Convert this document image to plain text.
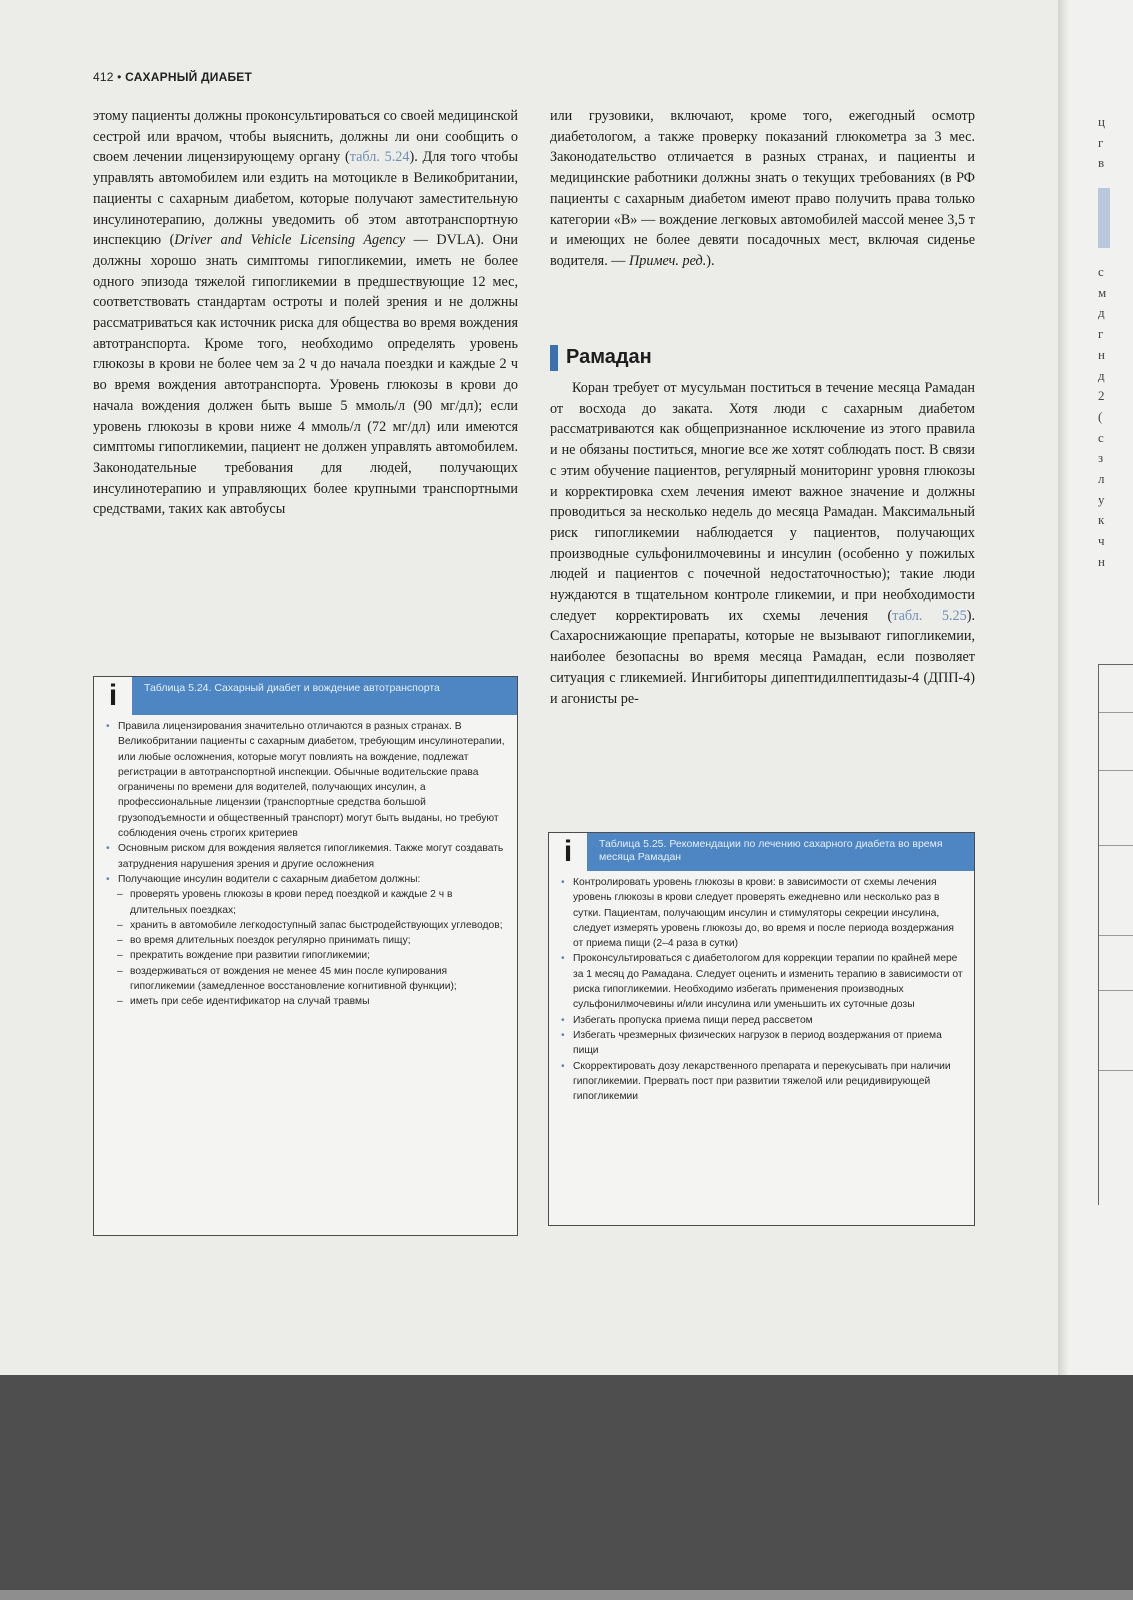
412 • САХАРНЫЙ ДИАБЕТ

этому пациенты должны проконсультироваться со своей медицинской сестрой или врачом, чтобы выяснить, должны ли они сообщить о своем лечении лицензирующему органу (табл. 5.24). Для того чтобы управлять автомобилем или ездить на мотоцикле в Великобритании, пациенты с сахарным диабетом, которые получают заместительную инсулинотерапию, должны уведомить об этом автотранспортную инспекцию (Driver and Vehicle Licensing Agency — DVLA). Они должны хорошо знать симптомы гипогликемии, иметь не более одного эпизода тяжелой гипогликемии в предшествующие 12 мес, соответствовать стандартам остроты и полей зрения и не должны рассматриваться как источник риска для общества во время вождения автотранспорта. Кроме того, необходимо определять уровень глюкозы в крови не более чем за 2 ч до начала поездки и каждые 2 ч во время вождения автотранспорта. Уровень глюкозы в крови до начала вождения должен быть выше 5 ммоль/л (90 мг/дл); если уровень глюкозы в крови ниже 4 ммоль/л (72 мг/дл) или имеются симптомы гипогликемии, пациент не должен управлять автомобилем. Законодательные требования для людей, получающих инсулинотерапию и управляющих более крупными транспортными средствами, таких как автобусы

или грузовики, включают, кроме того, ежегодный осмотр диабетологом, а также проверку показаний глюкометра за 3 мес. Законодательство отличается в разных странах, и пациенты и медицинские работники должны знать о текущих требованиях (в РФ пациенты с сахарным диабетом имеют право получить права только категории «B» — вождение легковых автомобилей массой менее 3,5 т и имеющих не более девяти посадочных мест, включая сиденье водителя. — Примеч. ред.).

Рамадан

Коран требует от мусульман поститься в течение месяца Рамадан от восхода до заката. Хотя люди с сахарным диабетом рассматриваются как общепризнанное исключение из этого правила и не обязаны поститься, многие все же хотят соблюдать пост. В связи с этим обучение пациентов, регулярный мониторинг уровня глюкозы и корректировка схем лечения имеют важное значение и должны проводиться за несколько недель до месяца Рамадан. Максимальный риск гипогликемии наблюдается у пациентов, получающих производные сульфонилмочевины и инсулин (особенно у пожилых людей и пациентов с почечной недостаточностью); такие люди нуждаются в тщательном контроле гликемии, и при необходимости следует корректировать их схемы лечения (табл. 5.25). Сахароснижающие препараты, которые не вызывают гипогликемии, наиболее безопасны во время месяца Рамадан, если позволяет ситуация с гликемией. Ингибиторы дипептидилпептидазы-4 (ДПП-4) и агонисты ре-

i	Таблица 5.24. Сахарный диабет и вождение автотранспорта
• Правила лицензирования значительно отличаются в разных странах. В Великобритании пациенты с сахарным диабетом, требующим инсулинотерапии, или любые осложнения, которые могут повлиять на вождение, подлежат регистрации в автотранспортной инспекции. Обычные водительские права ограничены по времени для водителей, получающих инсулин, а профессиональные лицензии (транспортные средства большой грузоподъемности и общественный транспорт) могут быть выданы, но требуют соблюдения очень строгих критериев
• Основным риском для вождения является гипогликемия. Также могут создавать затруднения нарушения зрения и другие осложнения
• Получающие инсулин водители с сахарным диабетом должны:
– проверять уровень глюкозы в крови перед поездкой и каждые 2 ч в длительных поездках;
– хранить в автомобиле легкодоступный запас быстродействующих углеводов;
– во время длительных поездок регулярно принимать пищу;
– прекратить вождение при развитии гипогликемии;
– воздерживаться от вождения не менее 45 мин после купирования гипогликемии (замедленное восстановление когнитивной функции);
– иметь при себе идентификатор на случай травмы
i	Таблица 5.25. Рекомендации по лечению сахарного диабета во время месяца Рамадан
• Контролировать уровень глюкозы в крови: в зависимости от схемы лечения уровень глюкозы в крови следует проверять ежедневно или несколько раз в сутки. Пациентам, получающим инсулин и стимуляторы секреции инсулина, следует измерять уровень глюкозы до, во время и после периода воздержания от приема пищи (2–4 раза в сутки)
• Проконсультироваться с диабетологом для коррекции терапии по крайней мере за 1 месяц до Рамадана. Следует оценить и изменить терапию в зависимости от риска гипогликемии. Необходимо избегать применения производных сульфонилмочевины и/или инсулина или уменьшить их суточные дозы
• Избегать пропуска приема пищи перед рассветом
• Избегать чрезмерных физических нагрузок в период воздержания от приема пищи
• Скорректировать дозу лекарственного препарата и перекусывать при наличии гипогликемии. Прервать пост при развитии тяжелой или рецидивирующей гипогликемии
ц
г
в
с
м
д
г
н
д
2
(
с
з
л
у
к
ч
н
